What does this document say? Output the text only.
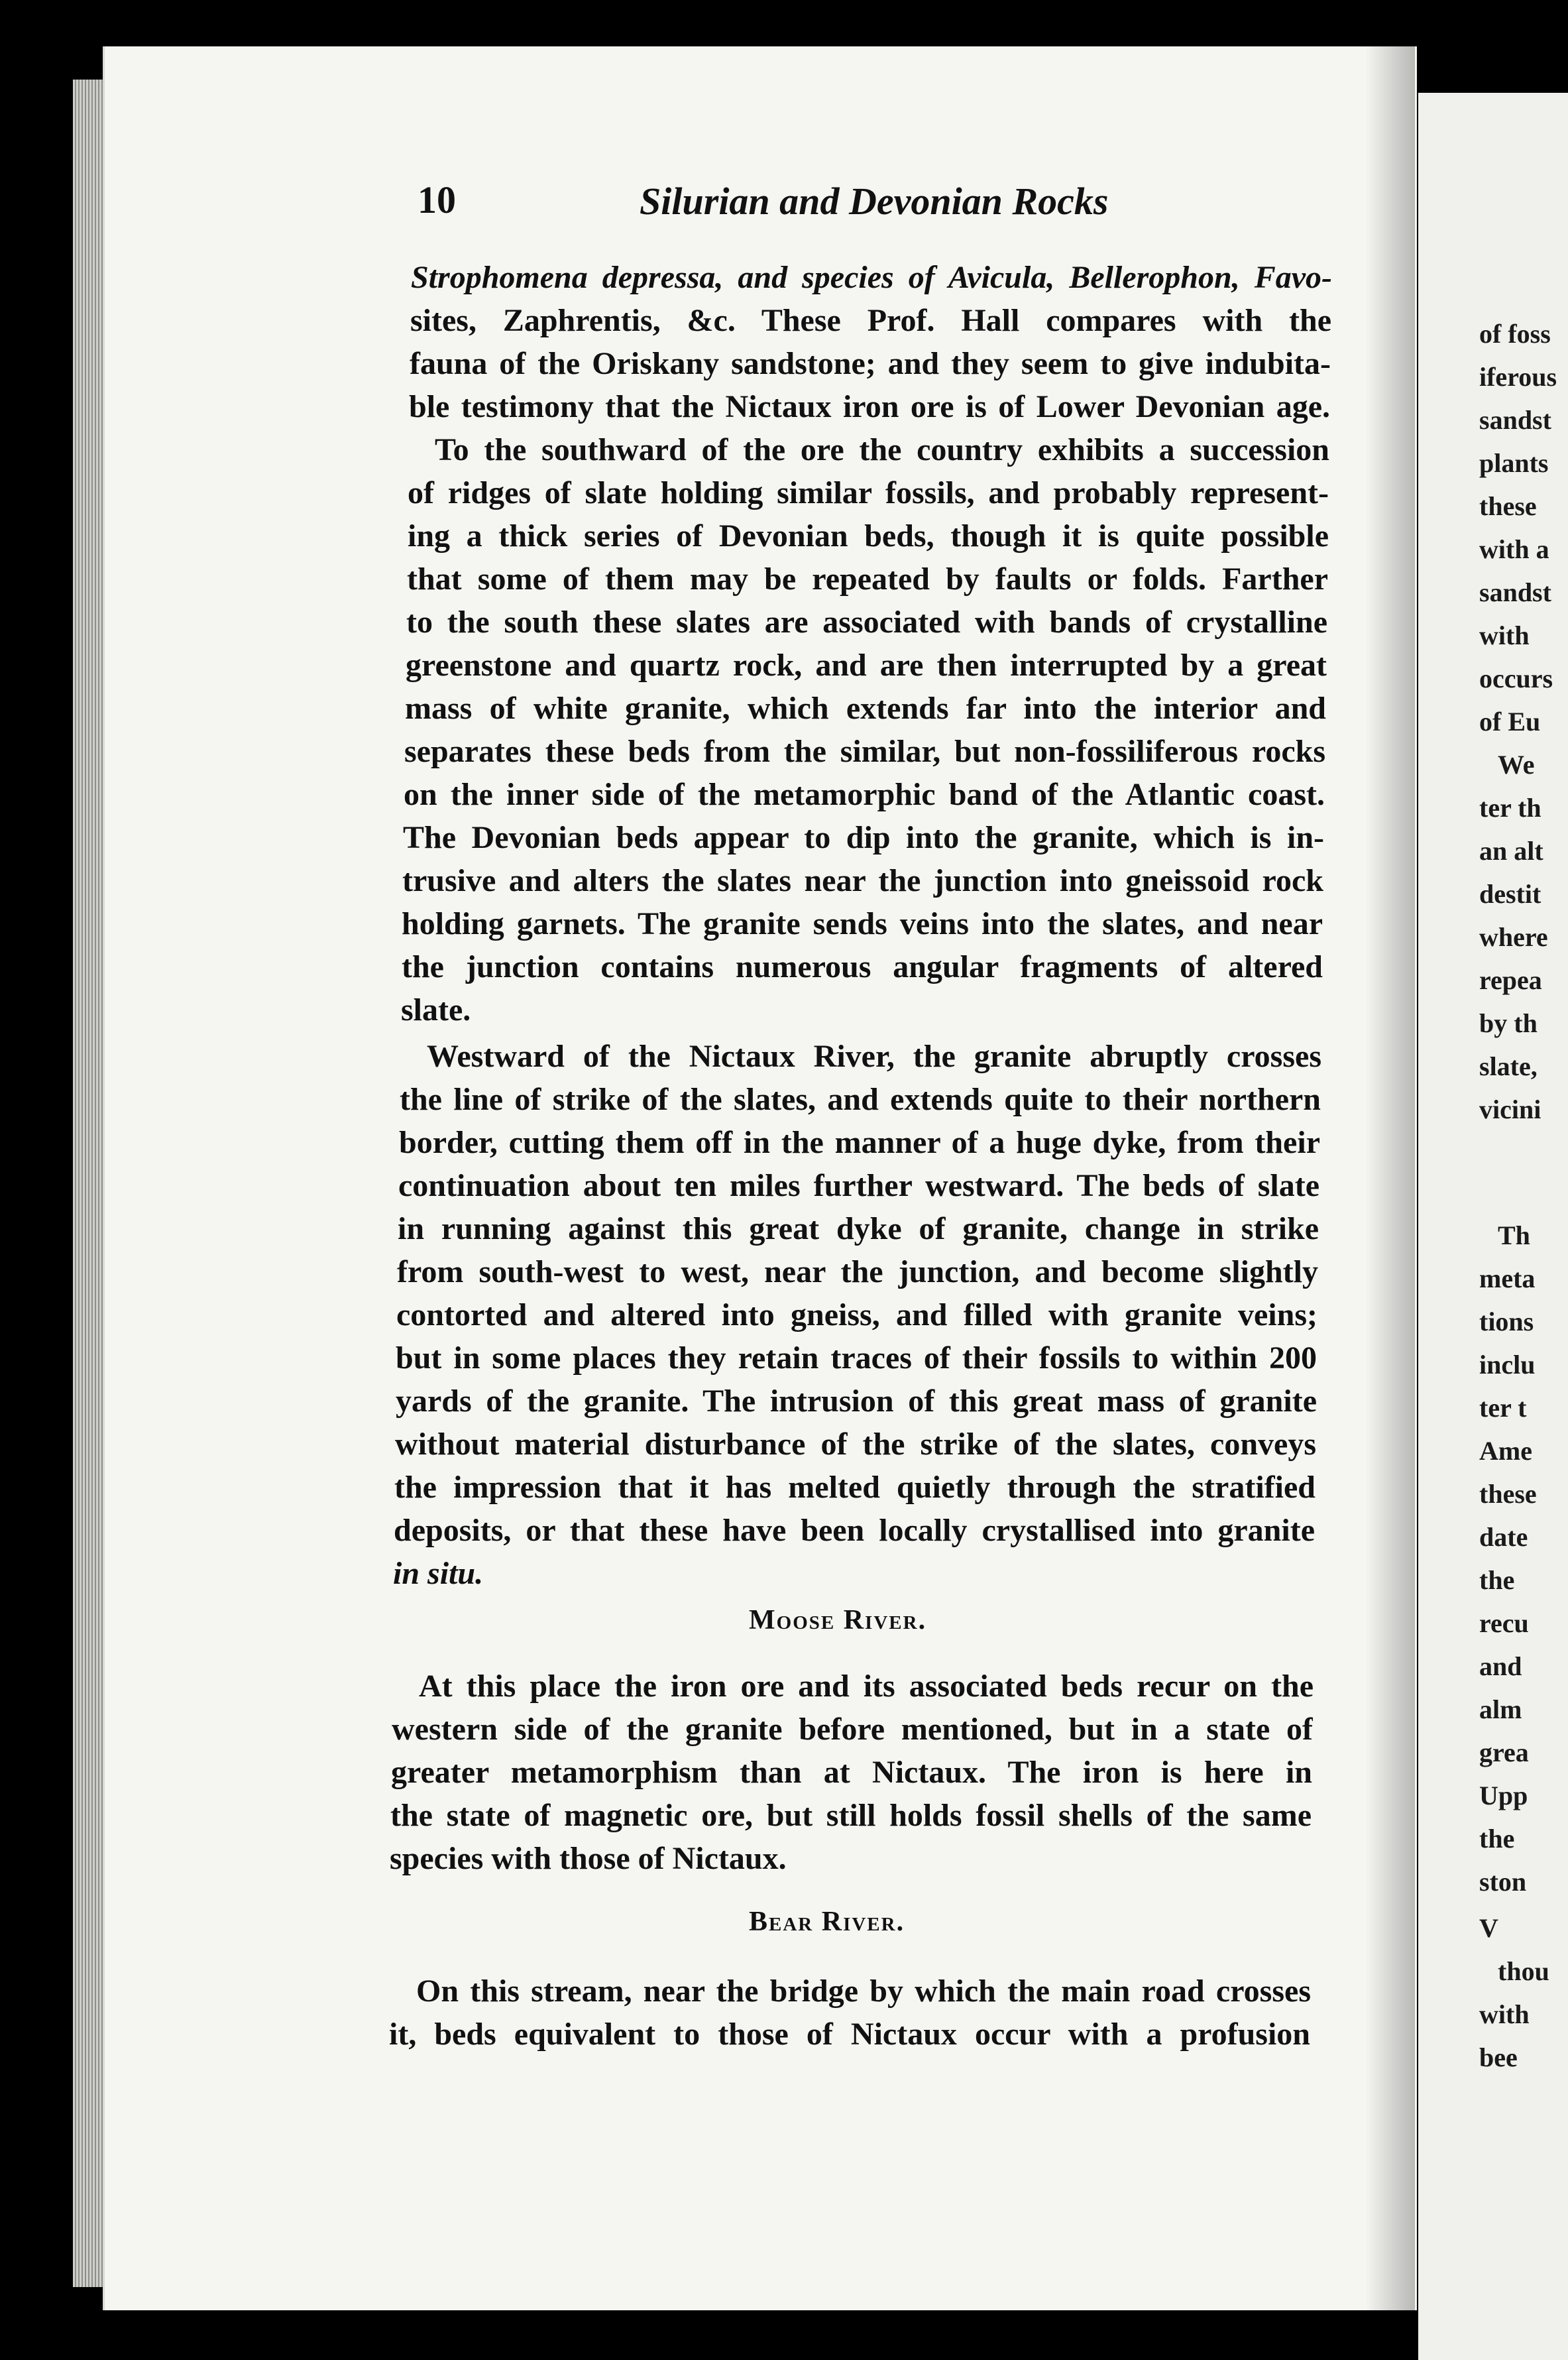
of foss
iferous
sandst
plants
these
with a
sandst
with
occurs
of Eu
We
ter th
an alt
destit
where
repea
by th
slate,
vicini
Th
meta
tions
inclu
ter t
Ame
these
date
the
recu
and
alm
grea
Upp
the
ston
V
thou
with
bee
10	Silurian and Devonian Rocks
Strophomena depressa, and species of Avicula, Bellerophon, Favo-
sites, Zaphrentis, &c. These Prof. Hall compares with the
fauna of the Oriskany sandstone; and they seem to give indubita-
ble testimony that the Nictaux iron ore is of Lower Devonian age.
To the southward of the ore the country exhibits a succession
of ridges of slate holding similar fossils, and probably represent-
ing a thick series of Devonian beds, though it is quite possible
that some of them may be repeated by faults or folds. Farther
to the south these slates are associated with bands of crystalline
greenstone and quartz rock, and are then interrupted by a great
mass of white granite, which extends far into the interior and
separates these beds from the similar, but non-fossiliferous rocks
on the inner side of the metamorphic band of the Atlantic coast.
The Devonian beds appear to dip into the granite, which is in-
trusive and alters the slates near the junction into gneissoid rock
holding garnets. The granite sends veins into the slates, and near
the junction contains numerous angular fragments of altered
slate.
Westward of the Nictaux River, the granite abruptly crosses
the line of strike of the slates, and extends quite to their northern
border, cutting them off in the manner of a huge dyke, from their
continuation about ten miles further westward. The beds of slate
in running against this great dyke of granite, change in strike
from south-west to west, near the junction, and become slightly
contorted and altered into gneiss, and filled with granite veins;
but in some places they retain traces of their fossils to within 200
yards of the granite. The intrusion of this great mass of granite
without material disturbance of the strike of the slates, conveys
the impression that it has melted quietly through the stratified
deposits, or that these have been locally crystallised into granite
in situ.
At this place the iron ore and its associated beds recur on the
western side of the granite before mentioned, but in a state of
greater metamorphism than at Nictaux. The iron is here in
the state of magnetic ore, but still holds fossil shells of the same
species with those of Nictaux.
On this stream, near the bridge by which the main road crosses
it, beds equivalent to those of Nictaux occur with a profusion
Moose River.
Bear River.
